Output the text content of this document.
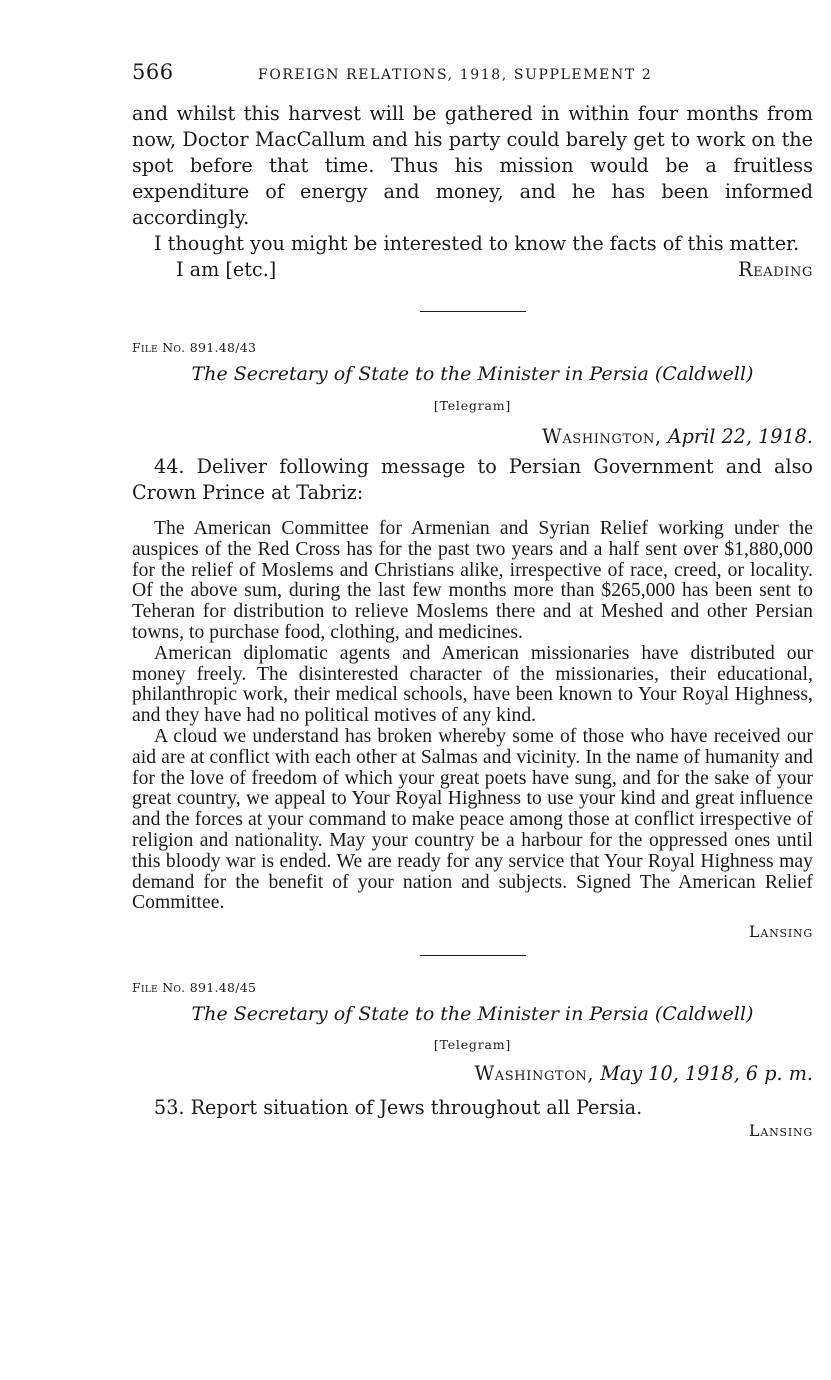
566	FOREIGN RELATIONS, 1918, SUPPLEMENT 2

and whilst this harvest will be gathered in within four months from now, Doctor MacCallum and his party could barely get to work on the spot before that time. Thus his mission would be a fruitless expenditure of energy and money, and he has been informed accordingly.

I thought you might be interested to know the facts of this matter.

I am [etc.]	Reading
File No. 891.48/43
The Secretary of State to the Minister in Persia (Caldwell)
[Telegram]
Washington, April 22, 1918.

44. Deliver following message to Persian Government and also Crown Prince at Tabriz:

The American Committee for Armenian and Syrian Relief working under the auspices of the Red Cross has for the past two years and a half sent over $1,880,000 for the relief of Moslems and Christians alike, irrespective of race, creed, or locality. Of the above sum, during the last few months more than $265,000 has been sent to Teheran for distribution to relieve Moslems there and at Meshed and other Persian towns, to purchase food, clothing, and medicines.

American diplomatic agents and American missionaries have distributed our money freely. The disinterested character of the missionaries, their educational, philanthropic work, their medical schools, have been known to Your Royal Highness, and they have had no political motives of any kind.

A cloud we understand has broken whereby some of those who have received our aid are at conflict with each other at Salmas and vicinity. In the name of humanity and for the love of freedom of which your great poets have sung, and for the sake of your great country, we appeal to Your Royal Highness to use your kind and great influence and the forces at your command to make peace among those at conflict irrespective of religion and nationality. May your country be a harbour for the oppressed ones until this bloody war is ended. We are ready for any service that Your Royal Highness may demand for the benefit of your nation and subjects. Signed The American Relief Committee.

Lansing
File No. 891.48/45
The Secretary of State to the Minister in Persia (Caldwell)
[Telegram]
Washington, May 10, 1918, 6 p. m.

53. Report situation of Jews throughout all Persia.

Lansing
